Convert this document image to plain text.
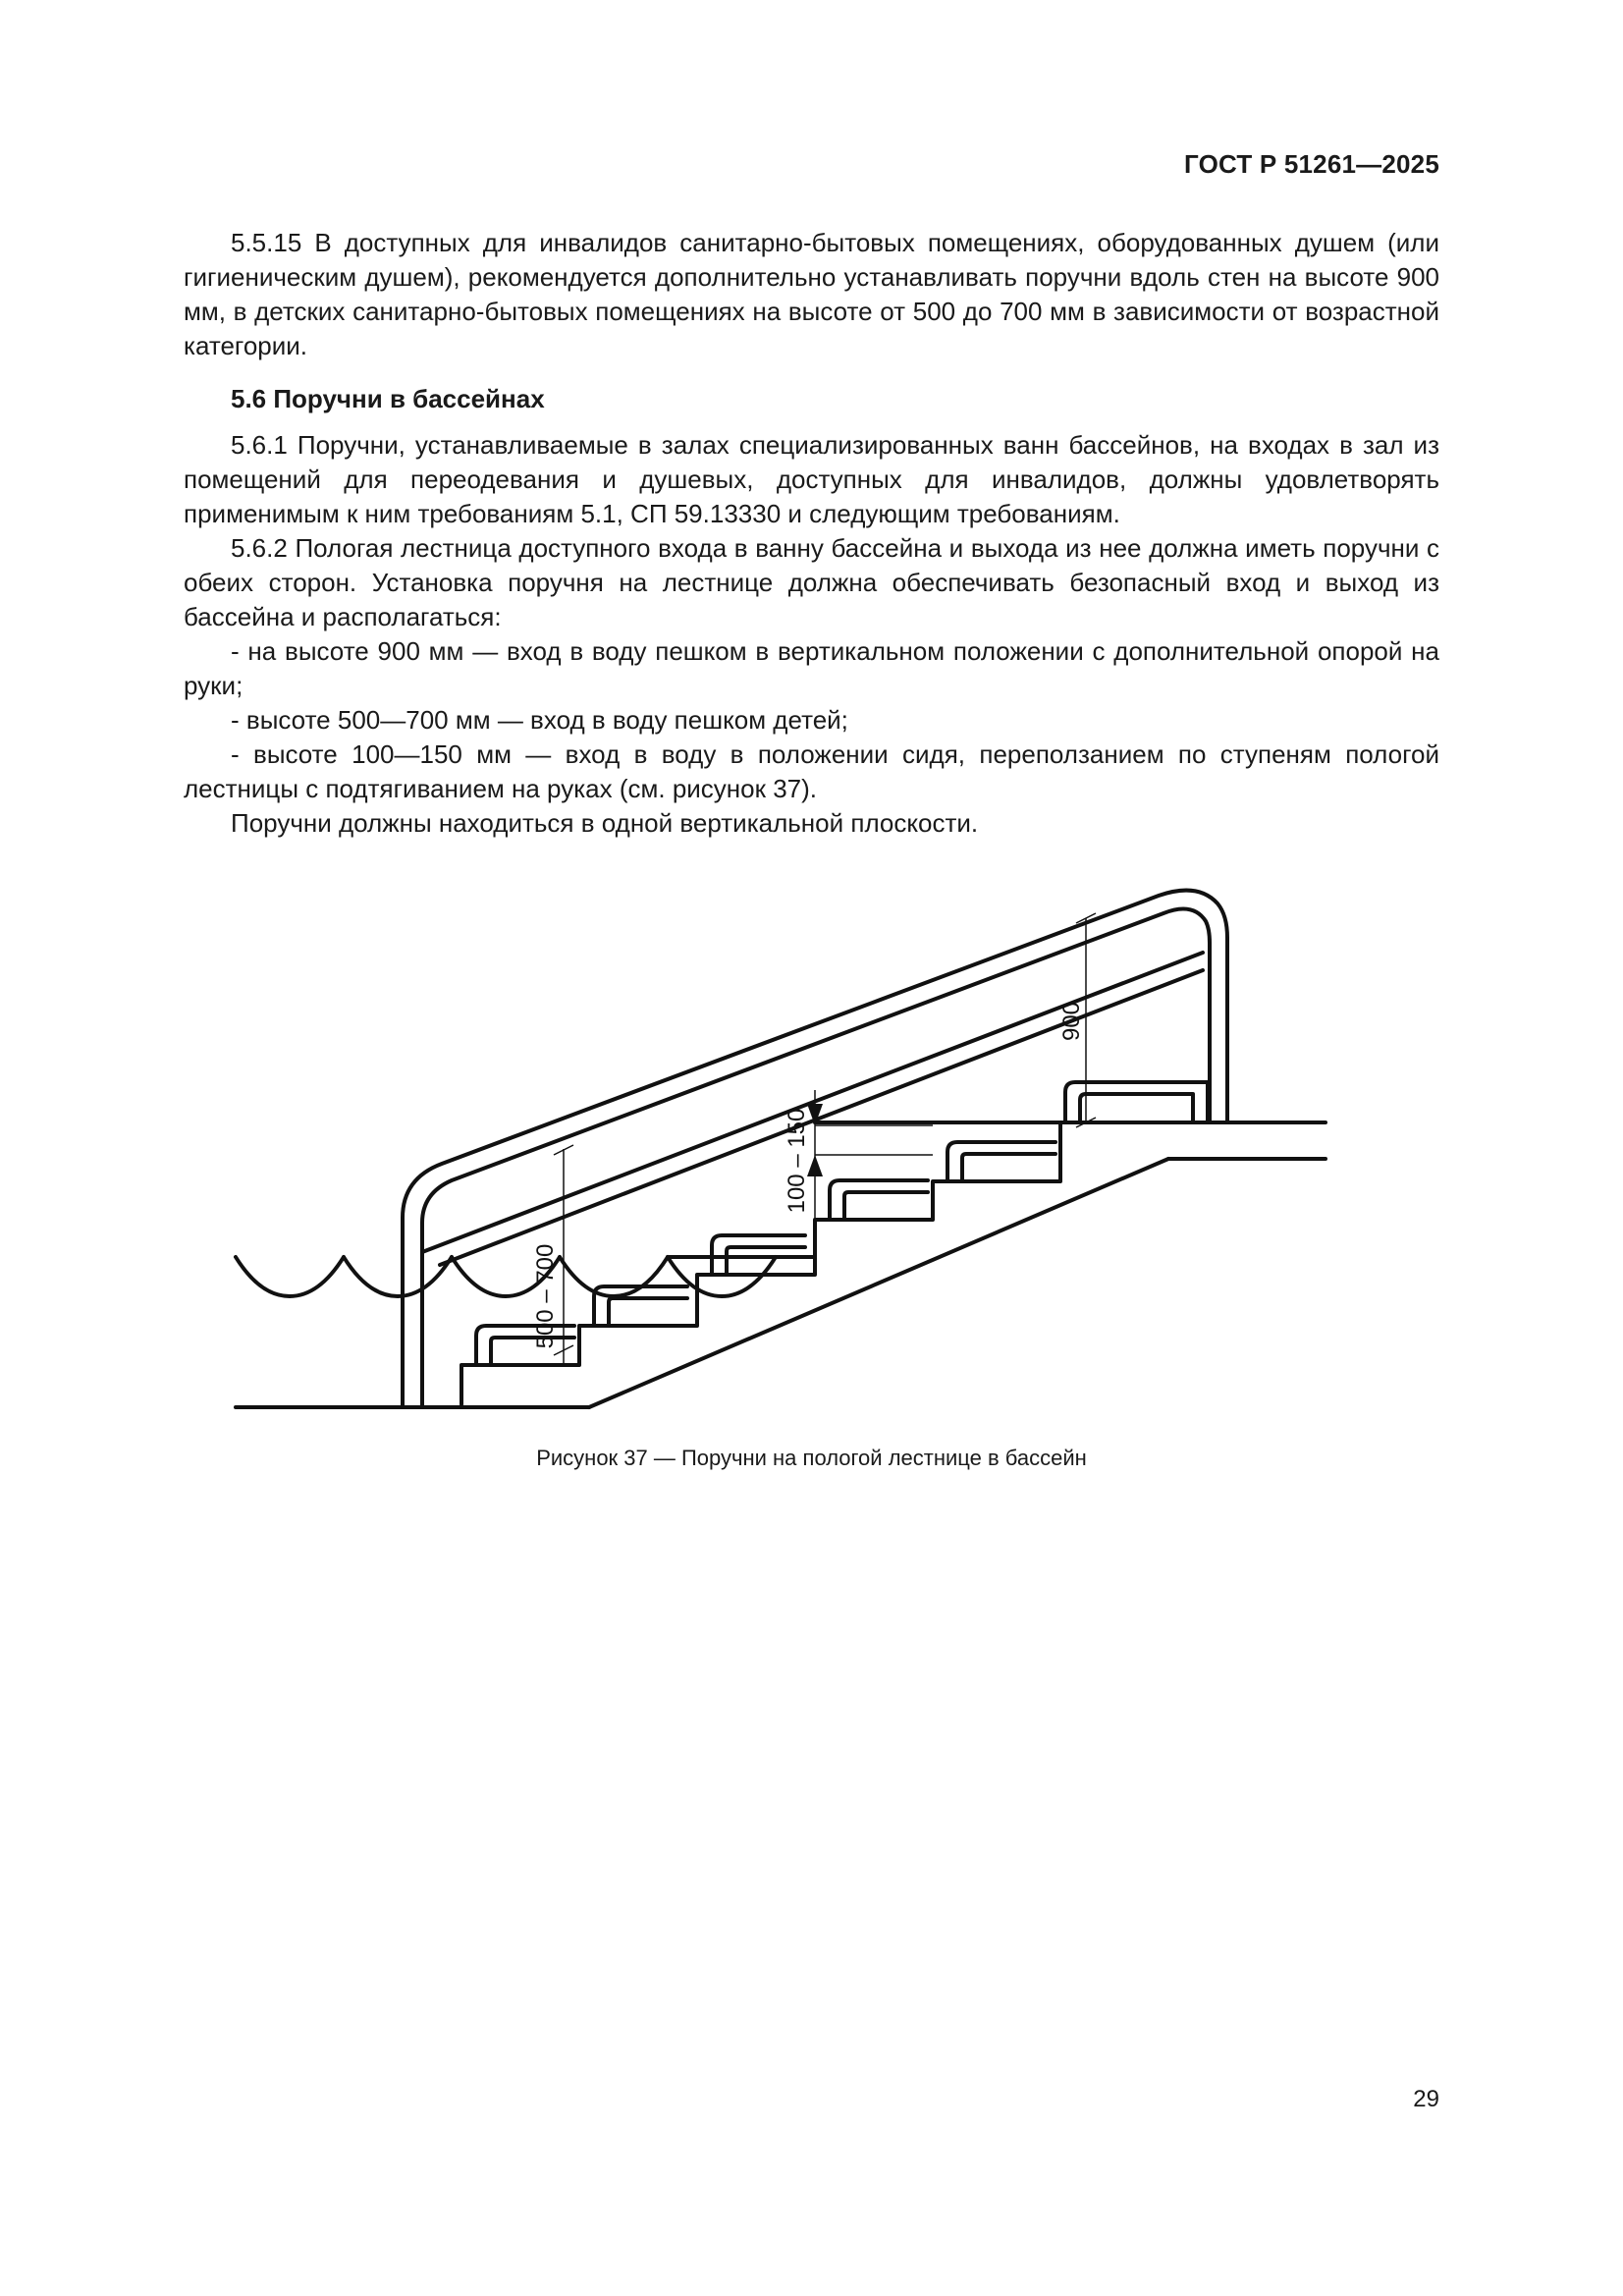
ГОСТ Р 51261—2025

5.5.15 В доступных для инвалидов санитарно-бытовых помещениях, оборудованных душем (или гигиеническим душем), рекомендуется дополнительно устанавливать поручни вдоль стен на высоте 900 мм, в детских санитарно-бытовых помещениях на высоте от 500 до 700 мм в зависимости от возрастной категории.

5.6 Поручни в бассейнах

5.6.1 Поручни, устанавливаемые в залах специализированных ванн бассейнов, на входах в зал из помещений для переодевания и душевых, доступных для инвалидов, должны удовлетворять применимым к ним требованиям 5.1, СП 59.13330 и следующим требованиям.

5.6.2 Пологая лестница доступного входа в ванну бассейна и выхода из нее должна иметь поручни с обеих сторон. Установка поручня на лестнице должна обеспечивать безопасный вход и выход из бассейна и располагаться:

- на высоте 900 мм — вход в воду пешком в вертикальном положении с дополнительной опорой на руки;

- высоте 500—700 мм — вход в воду пешком детей;

- высоте 100—150 мм — вход в воду в положении сидя, переползанием по ступеням пологой лестницы с подтягиванием на руках (см. рисунок 37).

Поручни должны находиться в одной вертикальной плоскости.

900
100 – 150
500 – 700
Рисунок 37 — Поручни на пологой лестнице в бассейн
29
